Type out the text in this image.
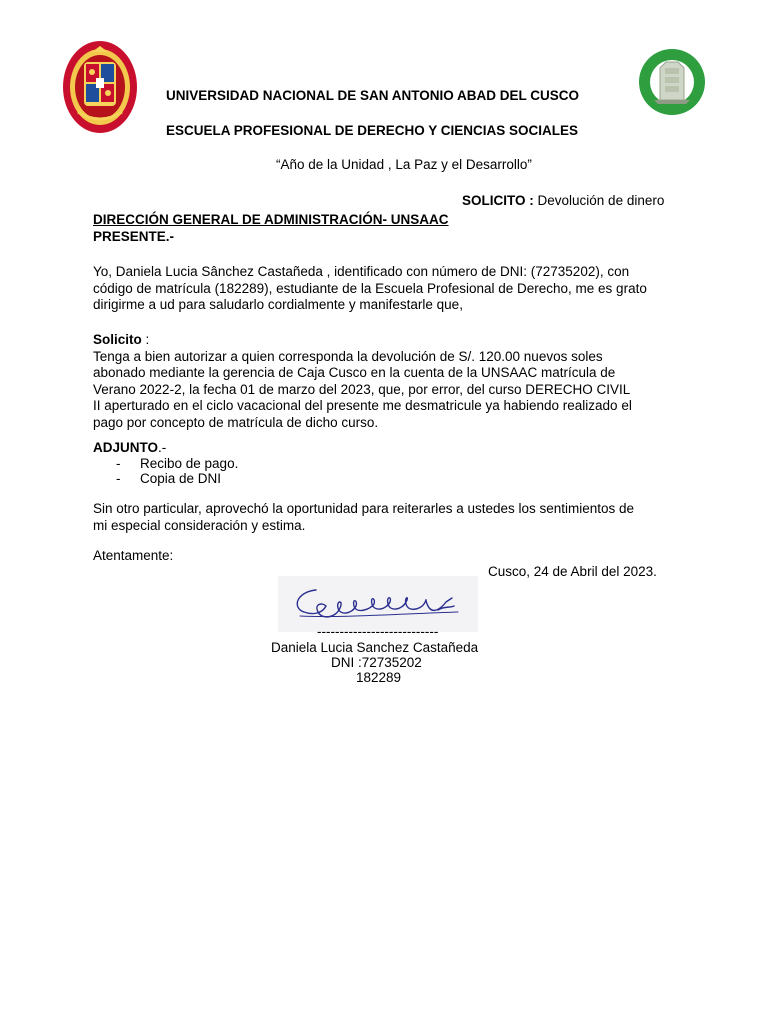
UNIVERSIDAD NACIONAL DE SAN ANTONIO ABAD DEL CUSCO
ESCUELA PROFESIONAL DE DERECHO Y CIENCIAS SOCIALES
“Año de la Unidad , La Paz y el Desarrollo”
SOLICITO : Devolución de dinero
DIRECCIÓN GENERAL DE ADMINISTRACIÓN- UNSAAC
PRESENTE.-
Yo, Daniela Lucia Sânchez Castañeda , identificado con número de DNI: (72735202), con
código de matrícula (182289), estudiante de la Escuela Profesional de Derecho, me es grato
dirigirme a ud para saludarlo cordialmente y manifestarle que,
Solicito :
Tenga a bien autorizar a quien corresponda la devolución de S/. 120.00 nuevos soles
abonado mediante la gerencia de Caja Cusco en la cuenta de la UNSAAC matrícula de
Verano 2022-2, la fecha 01 de marzo del 2023, que, por error, del curso DERECHO CIVIL
II aperturado en el ciclo vacacional del presente me desmatricule ya habiendo realizado el
pago por concepto de matrícula de dicho curso.
ADJUNTO.-
- Recibo de pago.
- Copia de DNI
Sin otro particular, aprovechó la oportunidad para reiterarles a ustedes los sentimientos de
mi especial consideración y estima.
Atentamente:
Cusco, 24 de Abril del 2023.
---------------------------
Daniela Lucia Sanchez Castañeda
DNI :72735202
182289
